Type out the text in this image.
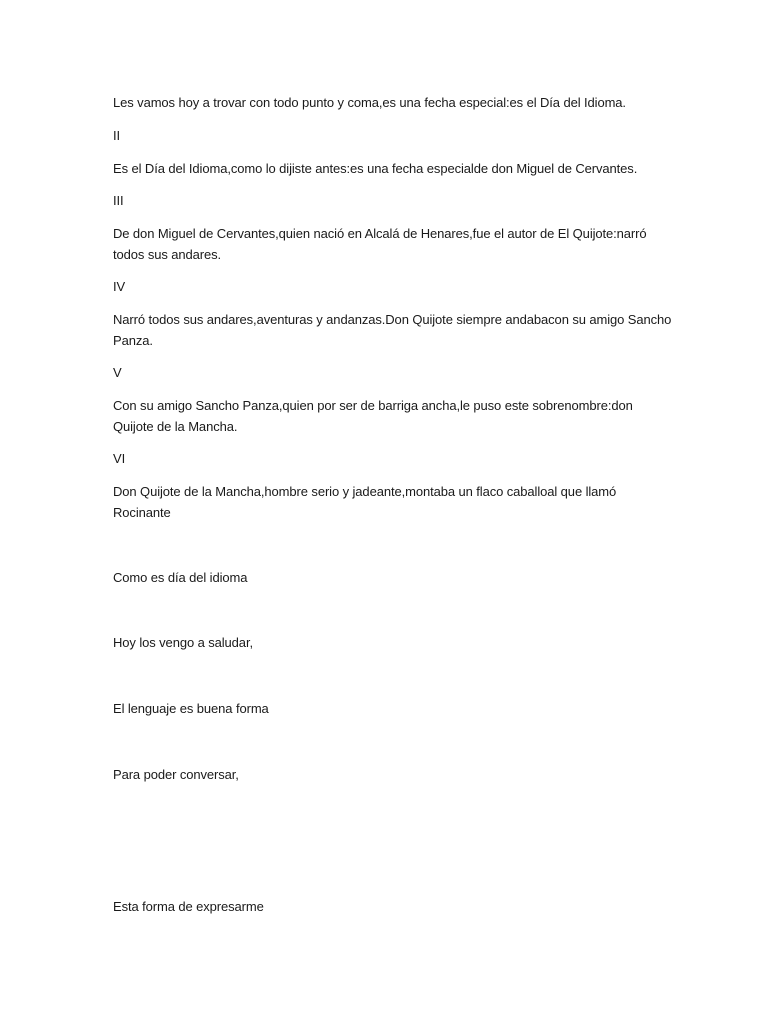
Les vamos hoy a trovar con todo punto y coma,es una fecha especial:es el Día del Idioma.
II
Es el Día del Idioma,como lo dijiste antes:es una fecha especialde don Miguel de Cervantes.
III
De don Miguel de Cervantes,quien nació en Alcalá de Henares,fue el autor de El Quijote:narró todos sus andares.
IV
Narró todos sus andares,aventuras y andanzas.Don Quijote siempre andabacon su amigo Sancho Panza.
V
Con su amigo Sancho Panza,quien por ser de barriga ancha,le puso este sobrenombre:don Quijote de la Mancha.
VI
Don Quijote de la Mancha,hombre serio y jadeante,montaba un flaco caballoal que llamó Rocinante
Como es día del idioma
Hoy los vengo a saludar,
El lenguaje es buena forma
Para poder conversar,
Esta forma de expresarme
